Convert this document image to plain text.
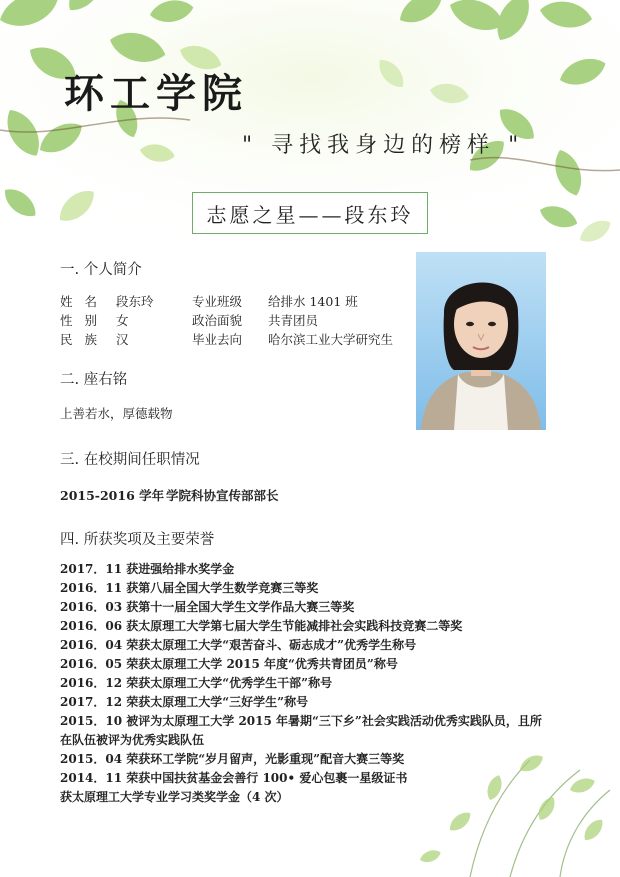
环工学院
" 寻找我身边的榜样 "
志愿之星——段东玲
一. 个人简介
姓 名 段东玲	专业班级 给排水 1401 班
性 别 女	政治面貌 共青团员
民 族 汉	毕业去向 哈尔滨工业大学研究生
二. 座右铭
上善若水，厚德载物
三. 在校期间任职情况
2015-2016 学年 学院科协宣传部部长
四. 所获奖项及主要荣誉
2017．11 获进强给排水奖学金
2016．11 获第八届全国大学生数学竞赛三等奖
2016．03 获第十一届全国大学生文学作品大赛三等奖
2016．06 获太原理工大学第七届大学生节能减排社会实践科技竞赛二等奖
2016．04 荣获太原理工大学“艰苦奋斗、砺志成才”优秀学生称号
2016．05 荣获太原理工大学 2015 年度“优秀共青团员”称号
2016．12 荣获太原理工大学“优秀学生干部”称号
2017．12 荣获太原理工大学“三好学生”称号
2015．10 被评为太原理工大学 2015 年暑期“三下乡”社会实践活动优秀实践队员，且所
在队伍被评为优秀实践队伍
2015．04 荣获环工学院“岁月留声，光影重现”配音大赛三等奖
2014．11 荣获中国扶贫基金会善行 100• 爱心包裹一星级证书
获太原理工大学专业学习类奖学金（4 次）
